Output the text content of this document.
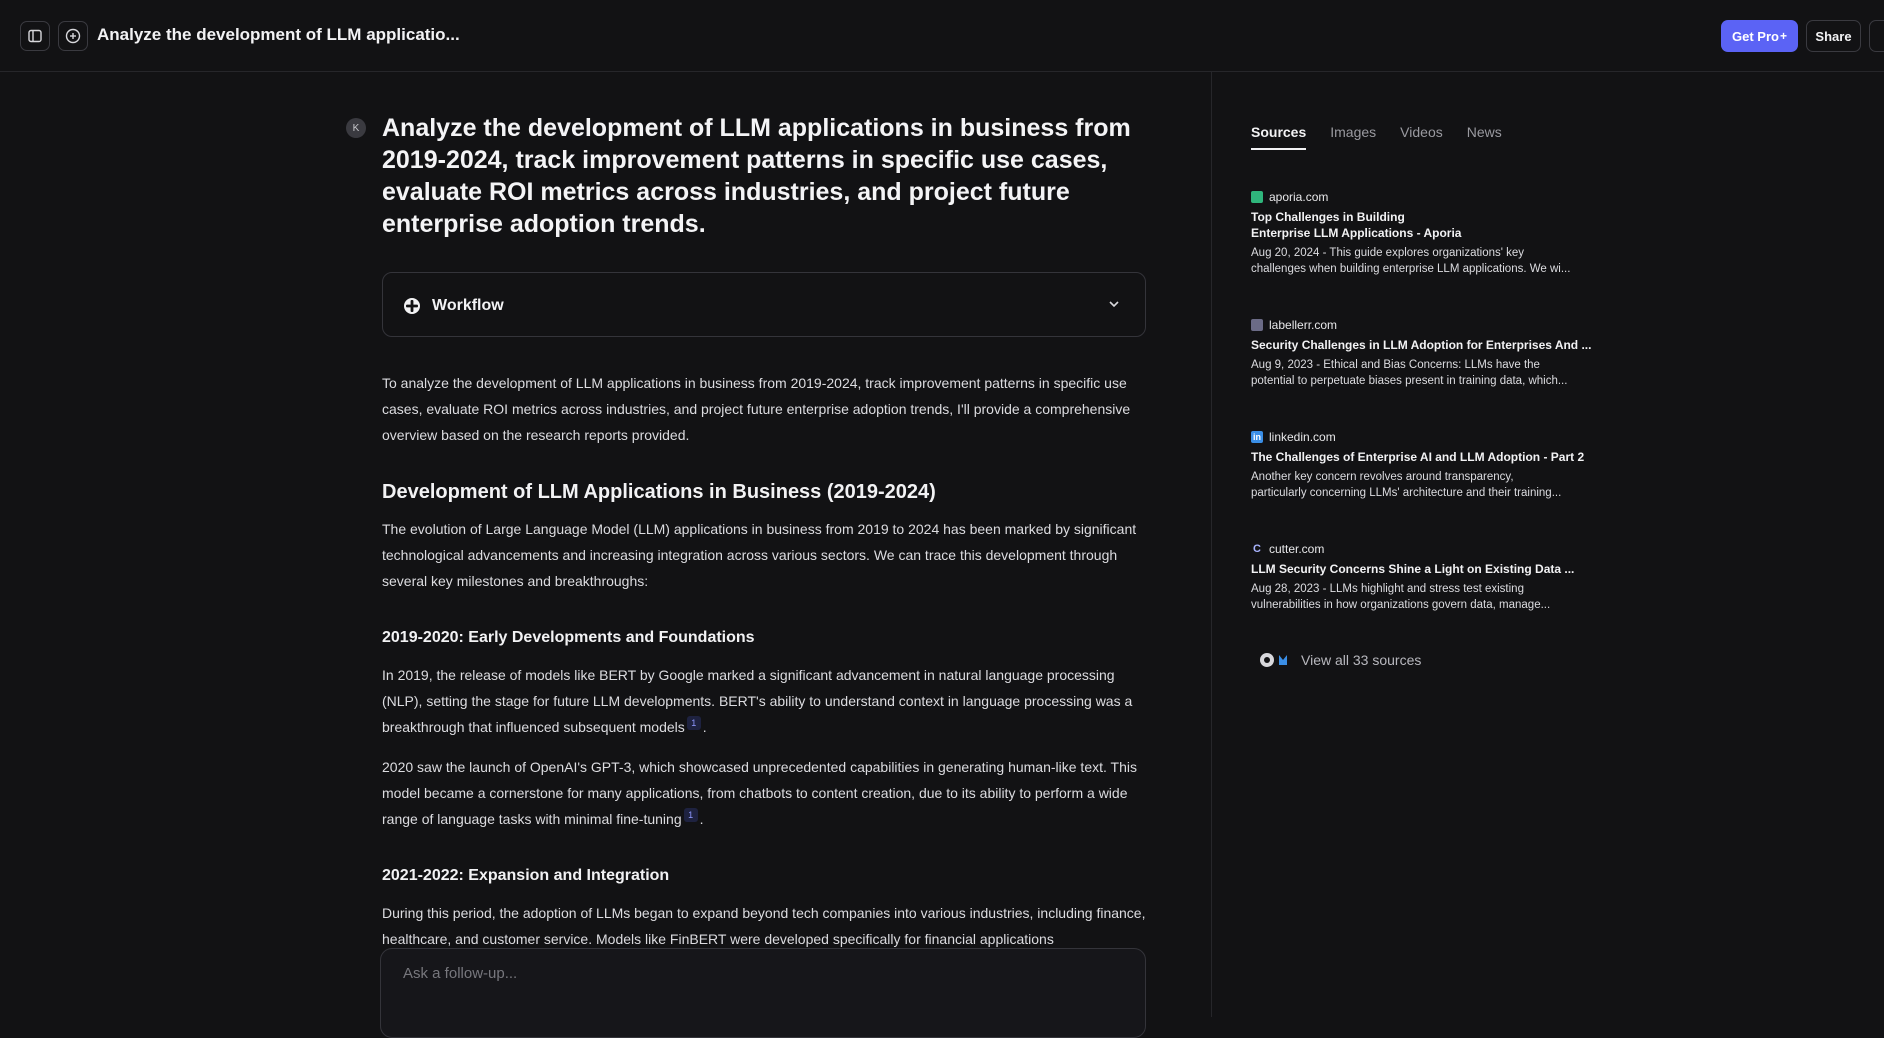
Analyze the development of LLM applicatio...	Get Pro +	Share
K Analyze the development of LLM applications in business from 2019-2024, track improvement patterns in specific use cases, evaluate ROI metrics across industries, and project future enterprise adoption trends.
Workflow

To analyze the development of LLM applications in business from 2019-2024, track improvement patterns in specific use cases, evaluate ROI metrics across industries, and project future enterprise adoption trends, I'll provide a comprehensive overview based on the research reports provided.

Development of LLM Applications in Business (2019-2024)

The evolution of Large Language Model (LLM) applications in business from 2019 to 2024 has been marked by significant technological advancements and increasing integration across various sectors. We can trace this development through several key milestones and breakthroughs:

2019-2020: Early Developments and Foundations

In 2019, the release of models like BERT by Google marked a significant advancement in natural language processing (NLP), setting the stage for future LLM developments. BERT's ability to understand context in language processing was a breakthrough that influenced subsequent models 1 .

2020 saw the launch of OpenAI's GPT-3, which showcased unprecedented capabilities in generating human-like text. This model became a cornerstone for many applications, from chatbots to content creation, due to its ability to perform a wide range of language tasks with minimal fine-tuning 1 .

2021-2022: Expansion and Integration

During this period, the adoption of LLMs began to expand beyond tech companies into various industries, including finance, healthcare, and customer service. Models like FinBERT were developed specifically for financial applications

Ask a follow-up...
Sources Images Videos News
aporia.com
Top Challenges in Building
Enterprise LLM Applications - Aporia
Aug 20, 2024 - This guide explores organizations' key
challenges when building enterprise LLM applications. We wi...
labellerr.com
Security Challenges in LLM Adoption for Enterprises And ...
Aug 9, 2023 - Ethical and Bias Concerns: LLMs have the
potential to perpetuate biases present in training data, which...
in linkedin.com
The Challenges of Enterprise AI and LLM Adoption - Part 2
Another key concern revolves around transparency,
particularly concerning LLMs' architecture and their training...
C cutter.com
LLM Security Concerns Shine a Light on Existing Data ...
Aug 28, 2023 - LLMs highlight and stress test existing
vulnerabilities in how organizations govern data, manage...
View all 33 sources
